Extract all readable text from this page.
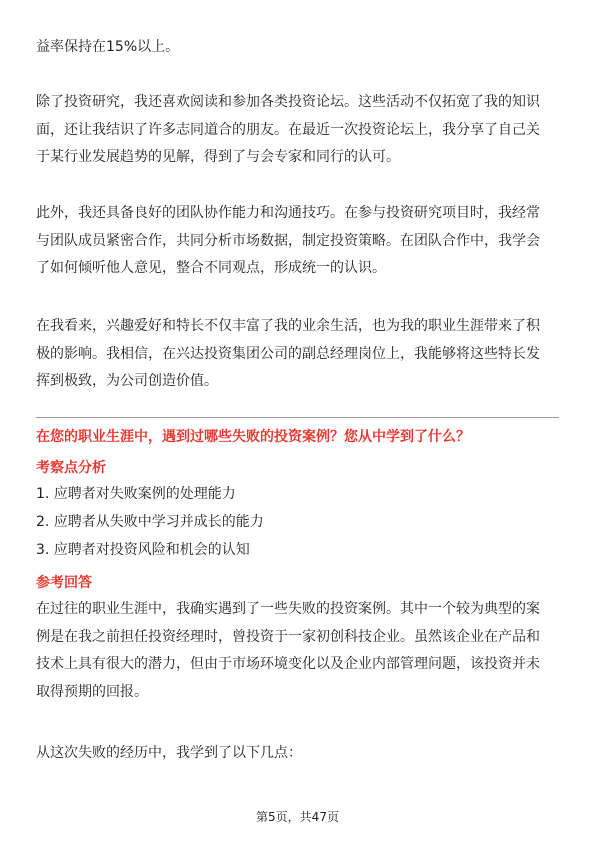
益率保持在15%以上。

除了投资研究，我还喜欢阅读和参加各类投资论坛。这些活动不仅拓宽了我的知识
面，还让我结识了许多志同道合的朋友。在最近一次投资论坛上，我分享了自己关
于某行业发展趋势的见解，得到了与会专家和同行的认可。

此外，我还具备良好的团队协作能力和沟通技巧。在参与投资研究项目时，我经常
与团队成员紧密合作，共同分析市场数据，制定投资策略。在团队合作中，我学会
了如何倾听他人意见，整合不同观点，形成统一的认识。

在我看来，兴趣爱好和特长不仅丰富了我的业余生活，也为我的职业生涯带来了积
极的影响。我相信，在兴达投资集团公司的副总经理岗位上，我能够将这些特长发
挥到极致，为公司创造价值。

在您的职业生涯中，遇到过哪些失败的投资案例？您从中学到了什么？
考察点分析
1. 应聘者对失败案例的处理能力
2. 应聘者从失败中学习并成长的能力
3. 应聘者对投资风险和机会的认知
参考回答

在过往的职业生涯中，我确实遇到了一些失败的投资案例。其中一个较为典型的案
例是在我之前担任投资经理时，曾投资于一家初创科技企业。虽然该企业在产品和
技术上具有很大的潜力，但由于市场环境变化以及企业内部管理问题，该投资并未
取得预期的回报。

从这次失败的经历中，我学到了以下几点：

第5页，共47页
